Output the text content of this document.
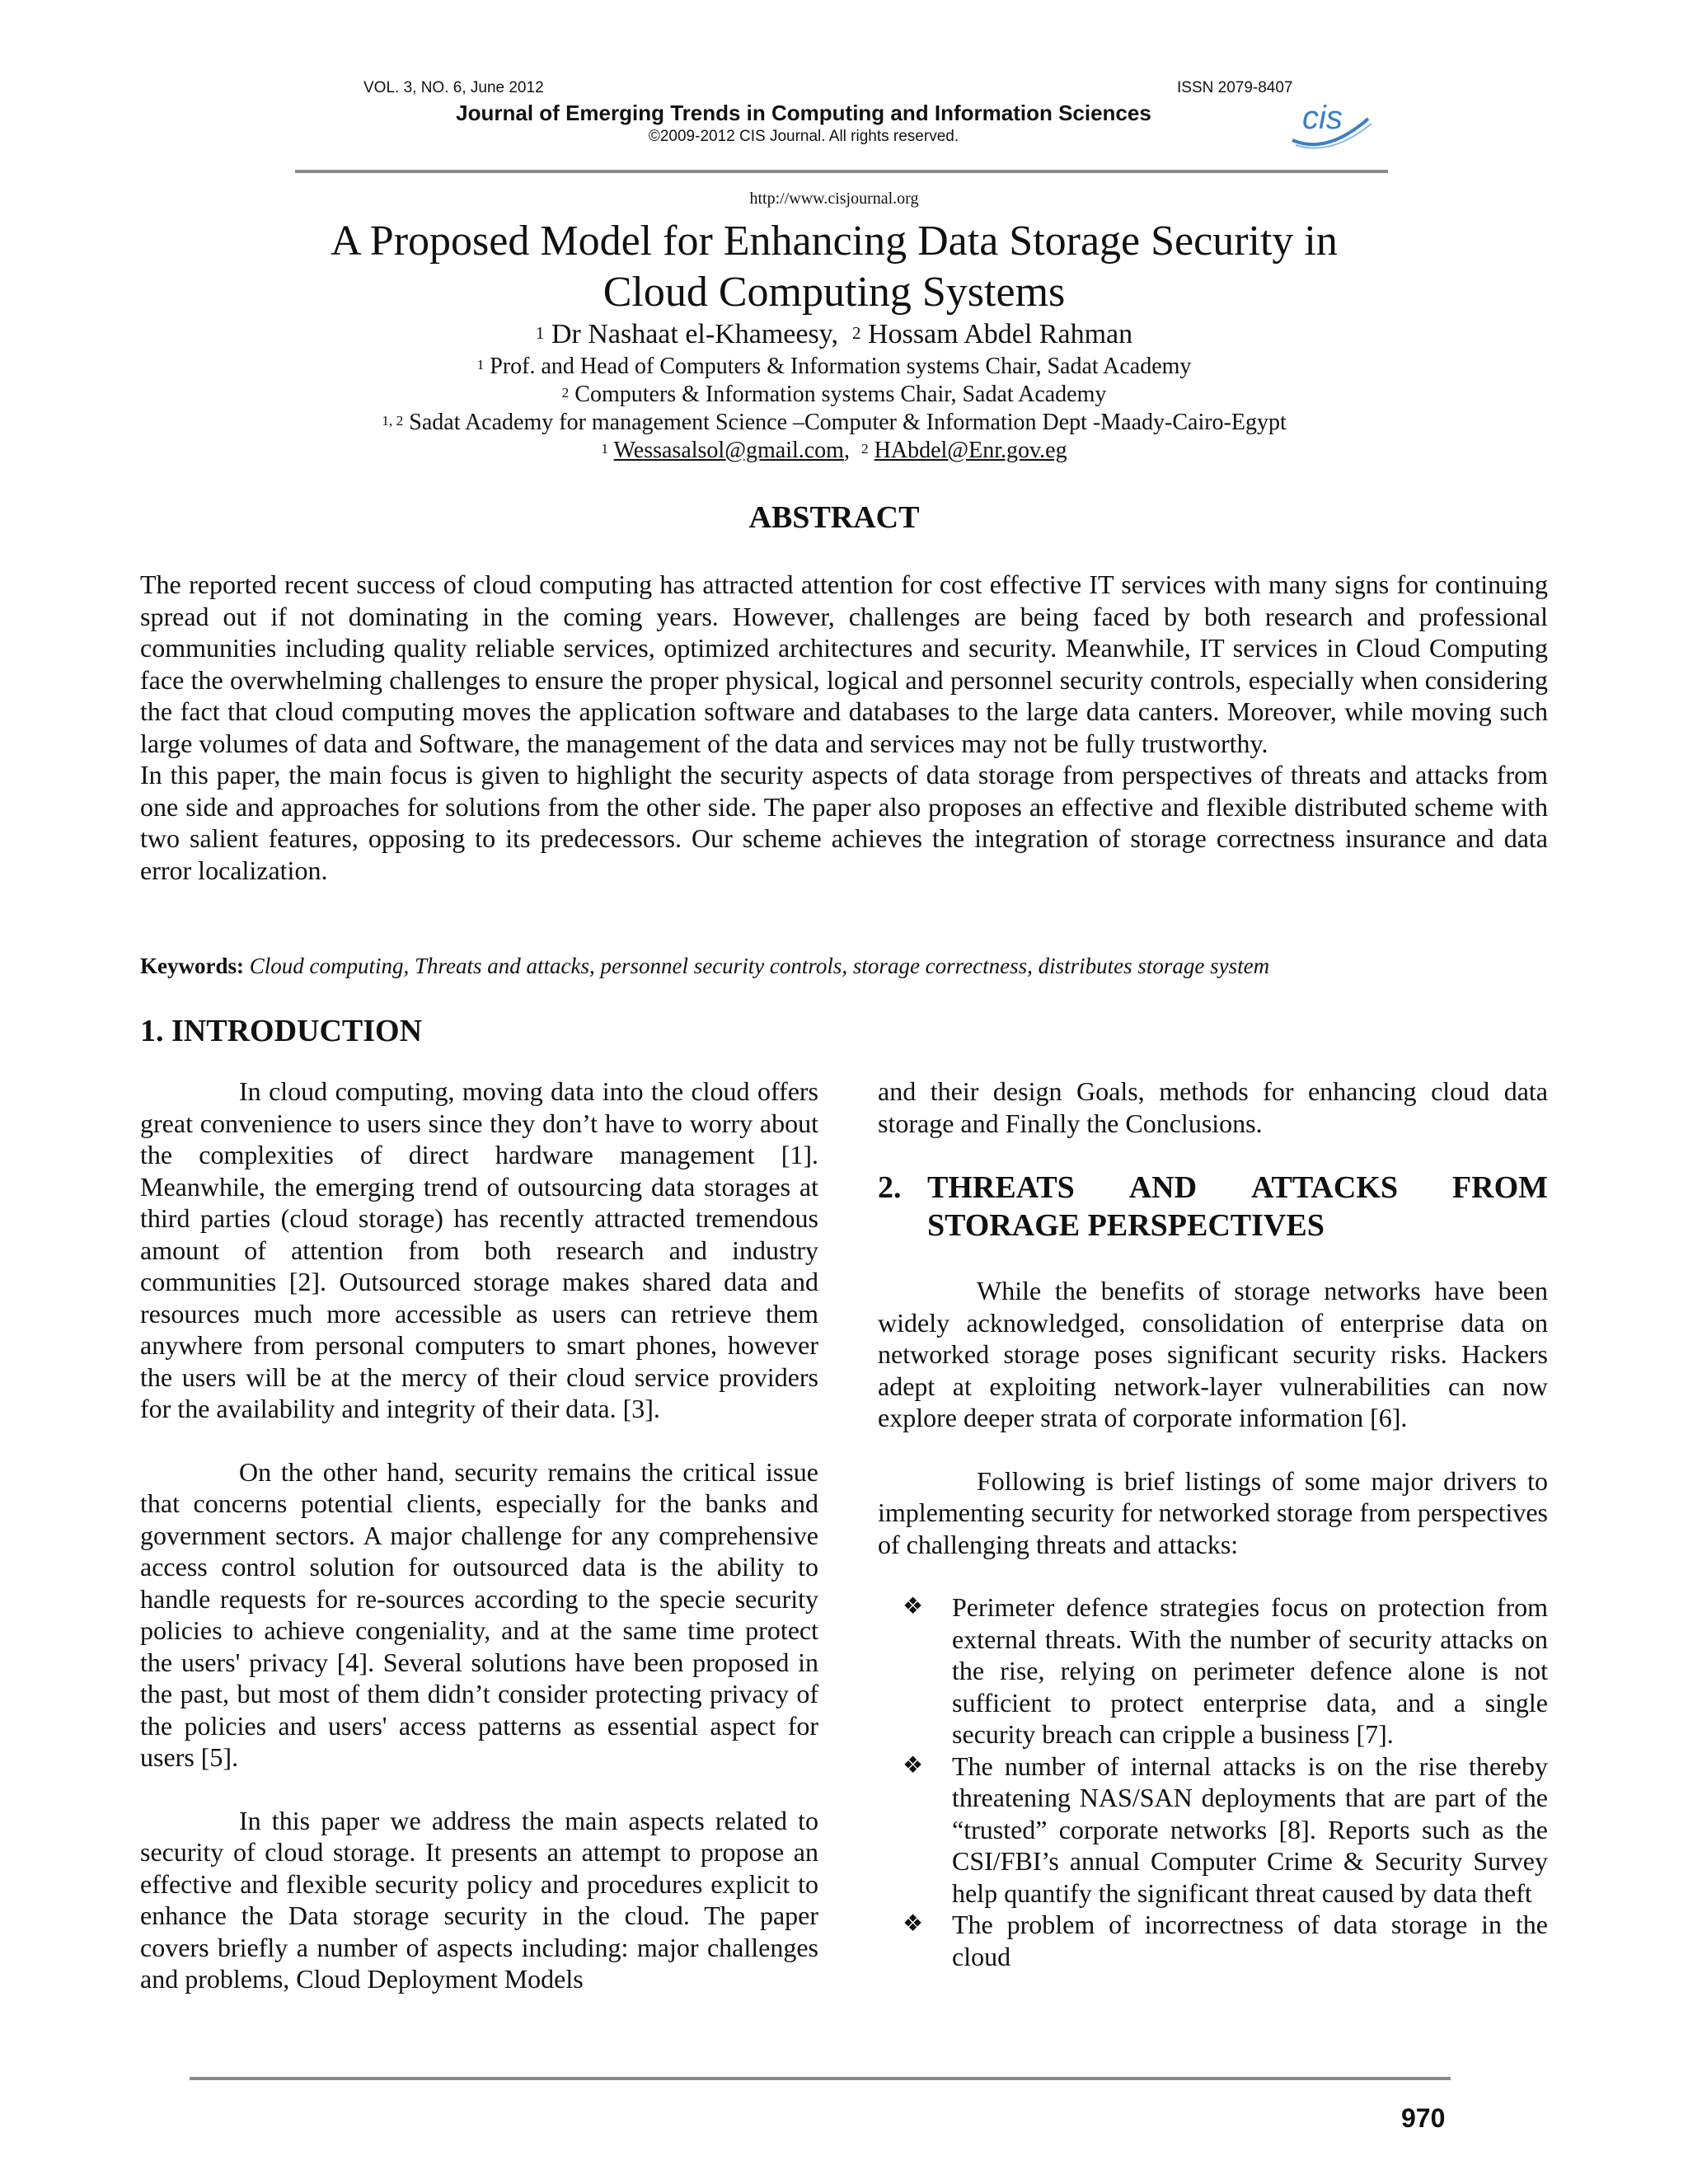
VOL. 3, NO. 6, June 2012	ISSN 2079-8407
Journal of Emerging Trends in Computing and Information Sciences
©2009-2012 CIS Journal. All rights reserved.
cis
http://www.cisjournal.org
A Proposed Model for Enhancing Data Storage Security in
Cloud Computing Systems
$^1$ Dr Nashaat el-Khameesy, $^2$ Hossam Abdel Rahman
$^1$ Prof. and Head of Computers & Information systems Chair, Sadat Academy
$^2$ Computers & Information systems Chair, Sadat Academy
$^{1, 2}$ Sadat Academy for management Science –Computer & Information Dept -Maady-Cairo-Egypt
$^1$ Wessasalsol@gmail.com,  $^2$ HAbdel@Enr.gov.eg
ABSTRACT
The reported recent success of cloud computing has attracted attention for cost effective IT services with many signs for continuing spread out if not dominating in the coming years. However, challenges are being faced by both research and professional communities including quality reliable services, optimized architectures and security. Meanwhile, IT services in Cloud Computing face the overwhelming challenges to ensure the proper physical, logical and personnel security controls, especially when considering the fact that cloud computing moves the application software and databases to the large data canters. Moreover, while moving such large volumes of data and Software, the management of the data and services may not be fully trustworthy.
In this paper, the main focus is given to highlight the security aspects of data storage from perspectives of threats and attacks from one side and approaches for solutions from the other side. The paper also proposes an effective and flexible distributed scheme with two salient features, opposing to its predecessors. Our scheme achieves the integration of storage correctness insurance and data error localization.
Keywords: Cloud computing, Threats and attacks, personnel security controls, storage correctness, distributes storage system
1. INTRODUCTION

In cloud computing, moving data into the cloud offers great convenience to users since they don’t have to worry about the complexities of direct hardware management [1]. Meanwhile, the emerging trend of outsourcing data storages at third parties (cloud storage) has recently attracted tremendous amount of attention from both research and industry communities [2]. Outsourced storage makes shared data and resources much more accessible as users can retrieve them anywhere from personal computers to smart phones, however the users will be at the mercy of their cloud service providers for the availability and integrity of their data. [3].

On the other hand, security remains the critical issue that concerns potential clients, especially for the banks and government sectors. A major challenge for any comprehensive access control solution for outsourced data is the ability to handle requests for re-sources according to the specie security policies to achieve congeniality, and at the same time protect the users' privacy [4]. Several solutions have been proposed in the past, but most of them didn’t consider protecting privacy of the policies and users' access patterns as essential aspect for users [5].

In this paper we address the main aspects related to security of cloud storage. It presents an attempt to propose an effective and flexible security policy and procedures explicit to enhance the Data storage security in the cloud. The paper covers briefly a number of aspects including: major challenges and problems, Cloud Deployment Models

and their design Goals, methods for enhancing cloud data storage and Finally the Conclusions.
2. THREATS AND ATTACKS FROM
STORAGE PERSPECTIVES

While the benefits of storage networks have been widely acknowledged, consolidation of enterprise data on networked storage poses significant security risks. Hackers adept at exploiting network-layer vulnerabilities can now explore deeper strata of corporate information [6].

Following is brief listings of some major drivers to implementing security for networked storage from perspectives of challenging threats and attacks:

❖ Perimeter defence strategies focus on protection from external threats. With the number of security attacks on the rise, relying on perimeter defence alone is not sufficient to protect enterprise data, and a single security breach can cripple a business [7].
❖ The number of internal attacks is on the rise thereby threatening NAS/SAN deployments that are part of the “trusted” corporate networks [8]. Reports such as the CSI/FBI’s annual Computer Crime & Security Survey help quantify the significant threat caused by data theft
❖ The problem of incorrectness of data storage in the cloud
970
